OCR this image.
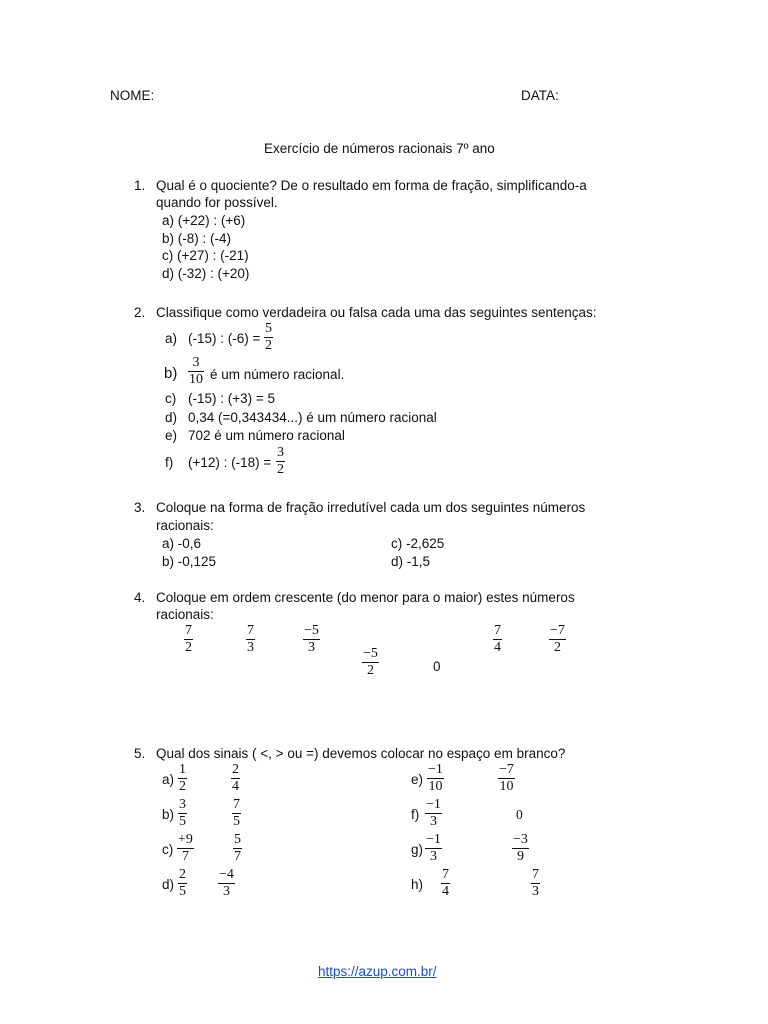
NOME:	DATA:
Exercício de números racionais 7º ano
1. Qual é o quociente? De o resultado em forma de fração, simplificando-a
quando for possível.
a) (+22) : (+6)
b) (-8) : (-4)
c) (+27) : (-21)
d) (-32) : (+20)
2. Classifique como verdadeira ou falsa cada uma das seguintes sentenças:
a) (-15) : (-6) =
5
2
b)
3
10 é um número racional.
c) (-15) : (+3) = 5
d) 0,34 (=0,343434...) é um número racional
e) 702 é um número racional
f) (+12) : (-18) =
3
2
3. Coloque na forma de fração irredutível cada um dos seguintes números
racionais:
a) -0,6
b) -0,125
c) -2,625
d) -1,5
4. Coloque em ordem crescente (do menor para o maior) estes números
racionais:
7
2
7
3
−5
3	−5
2	0
7
4
−7
2
5. Qual dos sinais ( <, > ou =) devemos colocar no espaço em branco?
a)
1
2
2
4
b)
3
5
7
5
c)
+9
7
5
7
d)
2
5
−4
3
e)
−1
10
−7
10
f)
−1
3	0
g)
−1
3
−3
9
h)
7
4
7
3
https://azup.com.br/
